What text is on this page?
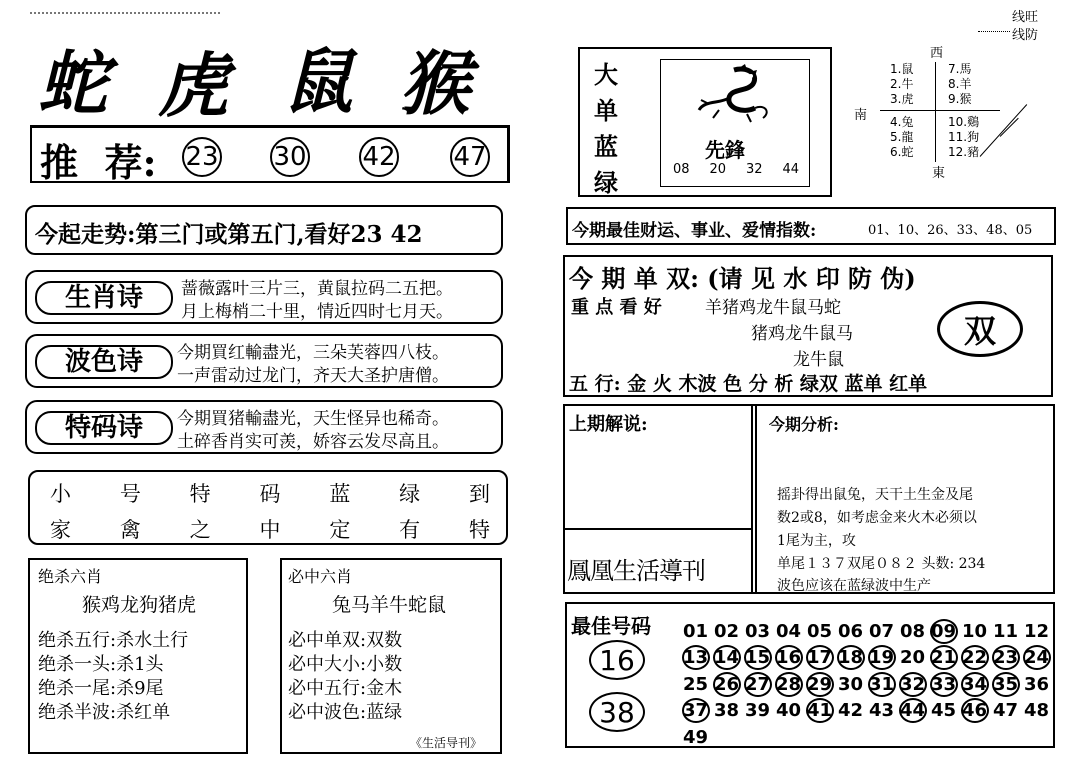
蛇 虎 鼠 猴
推  荐: 23 30 42 47
今起走势:第三门或第五门,看好23 42
生肖诗	蔷薇露叶三片三，黄鼠拉码二五把。
月上梅梢二十里，情近四时七月天。
波色诗	今期買红輸盡光，三朵芙蓉四八枝。
一声雷动过龙门，齐天大圣护唐僧。
特码诗	今期買猪輸盡光，天生怪异也稀奇。
土碎香肖实可羡，娇容云发尽高且。
小 号 特 码 蓝 绿 到
家 禽 之 中 定 有 特
绝杀六肖
猴鸡龙狗猪虎
绝杀五行:杀水土行
绝杀一头:杀1头
绝杀一尾:杀9尾
绝杀半波:杀红单
必中六肖
兔马羊牛蛇鼠
必中单双:双数
必中大小:小数
必中五行:金木
必中波色:蓝绿
《生活导刊》
线旺
线防
大
单
蓝
绿
先鋒
08 20 32 44
西
南
東
1.鼠
2.牛
3.虎
4.兔
5.龍
6.蛇
7.馬
8.羊
9.猴
10.鷄
11.狗
12.豬
今期最佳财运、事业、爱情指数:	01、10、26、33、48、05
今 期 单 双: (请 见 水 印 防 伪)
重 点 看 好	羊猪鸡龙牛鼠马蛇
猪鸡龙牛鼠马
龙牛鼠
双
五 行: 金 火 木波 色 分 析 绿双 蓝单 红单
上期解说:
鳳凰生活導刊
今期分析:
摇卦得出鼠兔，天干土生金及尾
数2或8，如考虑金来火木必须以
1尾为主，攻
单尾１３７双尾０８２ 头数: 234
波色应该在蓝绿波中生产
最佳号码
16
38
01 02 03 04 05 06 07 08 09 10 11 12
13 14 15 16 17 18 19 20 21 22 23 24
25 26 27 28 29 30 31 32 33 34 35 36
37 38 39 40 41 42 43 44 45 46 47 48
49
